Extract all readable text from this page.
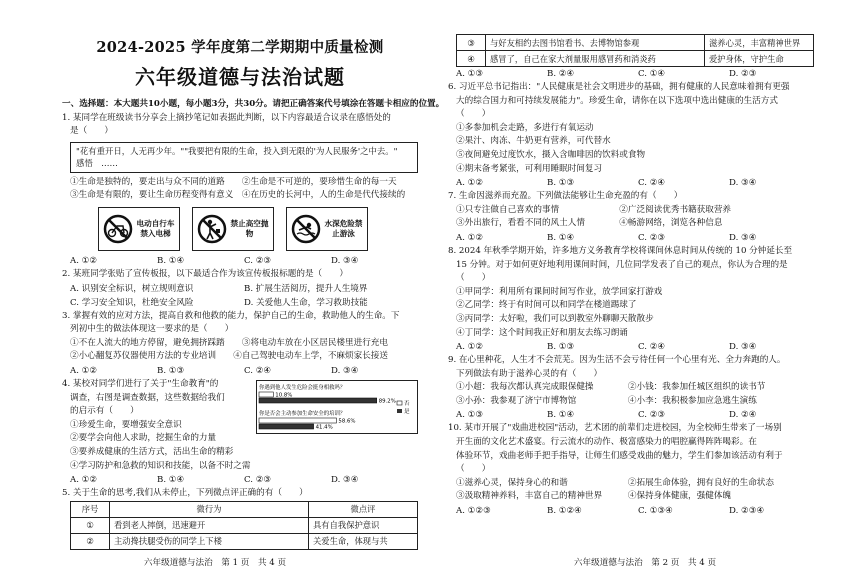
2024-2025 学年度第二学期期中质量检测
六年级道德与法治试题
一、选择题：本大题共10小题，每小题3分，共30分。请把正确答案代号填涂在答题卡相应的位置。
1. 某同学在班级读书分享会上摘抄笔记如表据此判断，以下内容最适合议录在感悟处的
是（　　）
"花有重开日，人无再少年。""我要把有限的生命，投入到无限的'为人民服务'之中去。"
感悟　……
①生命是独特的，要走出与众不同的道路　　②生命是不可逆的，要珍惜生命的每一天
③生命是有限的，要让生命历程变得有意义　④在历史的长河中，人的生命是代代接续的
电动自行车禁入电梯
禁止高空抛物
水深危险禁止游泳
A. ①②	B. ①④	C. ②③	D. ③④
2. 某班同学张贴了宣传板报，以下最适合作为该宣传板报标题的是（　　）
A. 识别安全标识，树立规则意识	B. 扩展生活阅历，提升人生境界
C. 学习安全知识，杜绝安全风险	D. 关爱他人生命，学习救助技能
3. 掌握有效的应对方法，提高自救和他救的能力，保护自己的生命，救助他人的生命。下
列初中生的做法体现这一要求的是（　　）
①不在人流大的地方停留，避免拥挤踩踏　　③将电动车放在小区居民楼里进行充电
②小心翻复苏仪器使用方法的专业培训　　④自己驾驶电动车上学，不麻烦家长接送
A. ①②	B. ①③	C. ②④	D. ③④
4. 某校对同学们进行了关于"生命教育"的
调查，右图是调查数据，这些数据给我们
的启示有（　　）
①珍爱生命，要增强安全意识
②要学会向他人求助，挖掘生命的力量
你遇到他人发生危险会挺身相救吗？
你是否会主动参加生命安全的培训？
10.8%
89.2%
58.6%
41.4%
否
是
③要养成健康的生活方式，活出生命的精彩
④学习防护和急救的知识和技能，以备不时之需
A. ①②	B. ①④	C. ②③	D. ③④
5. 关于生命的思考,我们从未停止，下列微点评正确的有（　　）
序号	微行为	微点评
①	看到老人摔倒，迅速避开	具有自我保护意识
②	主动搀扶腿受伤的同学上下楼	关爱生命，体现与共
六年级道德与法治　第 1 页　共 4 页
③	与好友相约去图书馆看书、去博物馆参观	滋养心灵，丰富精神世界
④	感冒了，自己在家大剂量服用感冒药和消炎药	爱护身体，守护生命
A. ①③	B. ②④	C. ①④	D. ②③
6. 习近平总书记指出："人民健康是社会文明进步的基础，拥有健康的人民意味着拥有更强
大的综合国力和可持续发展能力"。珍爱生命，请你在以下选项中选出健康的生活方式
（　　）
①多参加机会走路，多进行有氧运动
②果汁、肉冻、牛奶更有营养，可代替水
⑤夜间避免过度饮水，摄入含咖啡因的饮料或食物
④期末备考紧张，可利用睡眠时间复习
A. ①②	B. ①③	C. ②④	D. ③④
7. 生命因滋养而充盈。下列做法能够让生命充盈的有（　　）
①只专注做自己喜欢的事情　　　　　　　②广泛阅读优秀书籍获取营养
③外出旅行，看看不同的风土人情　　　　④畅游网络，浏览各种信息
A. ①②	B. ①④	C. ②③	D. ③④
8. 2024 年秋季学期开始，许多地方义务教育学校将课间休息时间从传统的 10 分钟延长至
15 分钟。对于如何更好地利用课间时间，几位同学发表了自己的观点，你认为合理的是
（　　）
①甲同学：利用所有课间时间写作业，放学回家打游戏
②乙同学：终于有时间可以和同学在楼道踢球了
③丙同学：太好啦，我们可以到教室外聊聊天散散步
④丁同学：这个时间我正好和朋友去练习朗诵
A. ①②	B. ①③	C. ②④	D. ③④
9. 在心里种花，人生才不会荒芜。因为生活不会亏待任何一个心里有光、全力奔跑的人。
下列做法有助于滋养心灵的有（　　）
①小超：我每次都认真完成眼保健操　　　　②小钱：我参加任城区组织的读书节
③小孙：我参观了济宁市博物馆　　　　　　④小李：我积极参加应急逃生演练
A. ①③	B. ①④	C. ②③	D. ②④
10. 某市开展了"戏曲进校园"活动，艺术团的前辈们走进校园，为全校师生带来了一场别
开生面的文化艺术盛宴。行云流水的动作、极富感染力的唱腔赢得阵阵喝彩。在
体验环节，戏曲老师手把手指导，让师生们感受戏曲的魅力，学生们参加该活动有利于
（　　）
①滋养心灵，保持身心的和谐　　　　　　　②拓展生命体验，拥有良好的生命状态
③汲取精神养料，丰富自己的精神世界　　　④保持身体健康，强健体魄
A. ①②③	B. ①②④	C. ①③④	D. ②③④
六年级道德与法治　第 2 页　共 4 页
